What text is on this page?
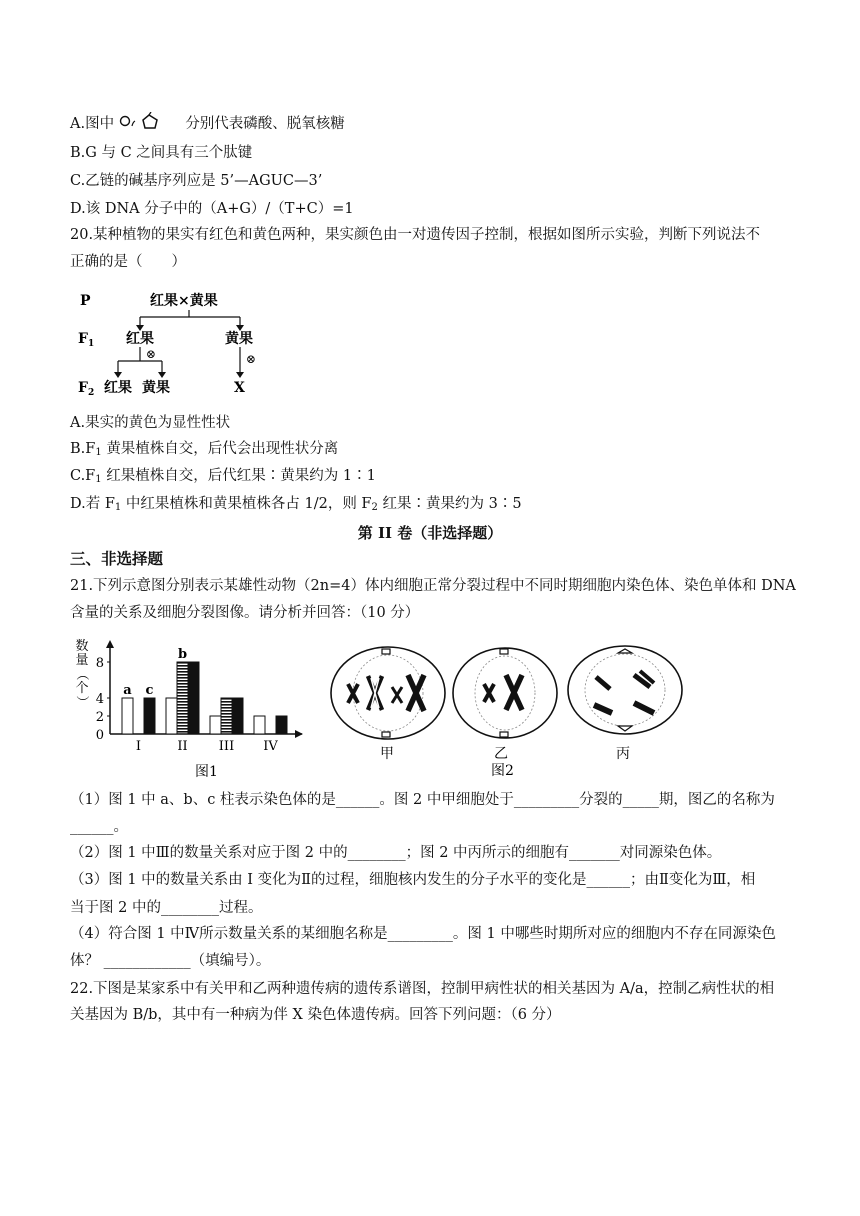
A.图中	分别代表磷酸、脱氧核糖
B.G 与 C 之间具有三个肽键
C.乙链的碱基序列应是 5’—AGUC—3’
D.该 DNA 分子中的（A+G）/（T+C）=1
20.某种植物的果实有红色和黄色两种，果实颜色由一对遗传因子控制，根据如图所示实验，判断下列说法不
正确的是（　　）
P
$F_1$
$F_2$
红果×黄果
红果	黄果
⊗	⊗
红果 黄果	X
A.果实的黄色为显性性状
$B.F_1$ 黄果植株自交，后代会出现性状分离
$C.F_1$ 红果植株自交，后代红果∶黄果约为 1∶1
D.若 $F_1$ 中红果植株和黄果植株各占 1/2，则 $F_2$ 红果∶黄果约为 3∶5
第 II 卷（非选择题）
三、非选择题
21.下列示意图分别表示某雄性动物（2n=4）体内细胞正常分裂过程中不同时期细胞内染色体、染色单体和 DNA
含量的关系及细胞分裂图像。请分析并回答：（10 分）
数
量
（
个
）
a c
b
0
2
4
8
I	II III IV
图1
甲	乙
图2
丙
（1）图 1 中 a、b、c 柱表示染色体的是______。图 2 中甲细胞处于_________分裂的_____期，图乙的名称为
______。
（2）图 1 中Ⅲ的数量关系对应于图 2 中的________；图 2 中丙所示的细胞有_______对同源染色体。
（3）图 1 中的数量关系由 I 变化为Ⅱ的过程，细胞核内发生的分子水平的变化是______；由Ⅱ变化为Ⅲ，相
当于图 2 中的________过程。
（4）符合图 1 中Ⅳ所示数量关系的某细胞名称是_________。图 1 中哪些时期所对应的细胞内不存在同源染色
体？ ____________（填编号）。
22.下图是某家系中有关甲和乙两种遗传病的遗传系谱图，控制甲病性状的相关基因为 A/a，控制乙病性状的相
关基因为 B/b，其中有一种病为伴 X 染色体遗传病。回答下列问题：（6 分）
